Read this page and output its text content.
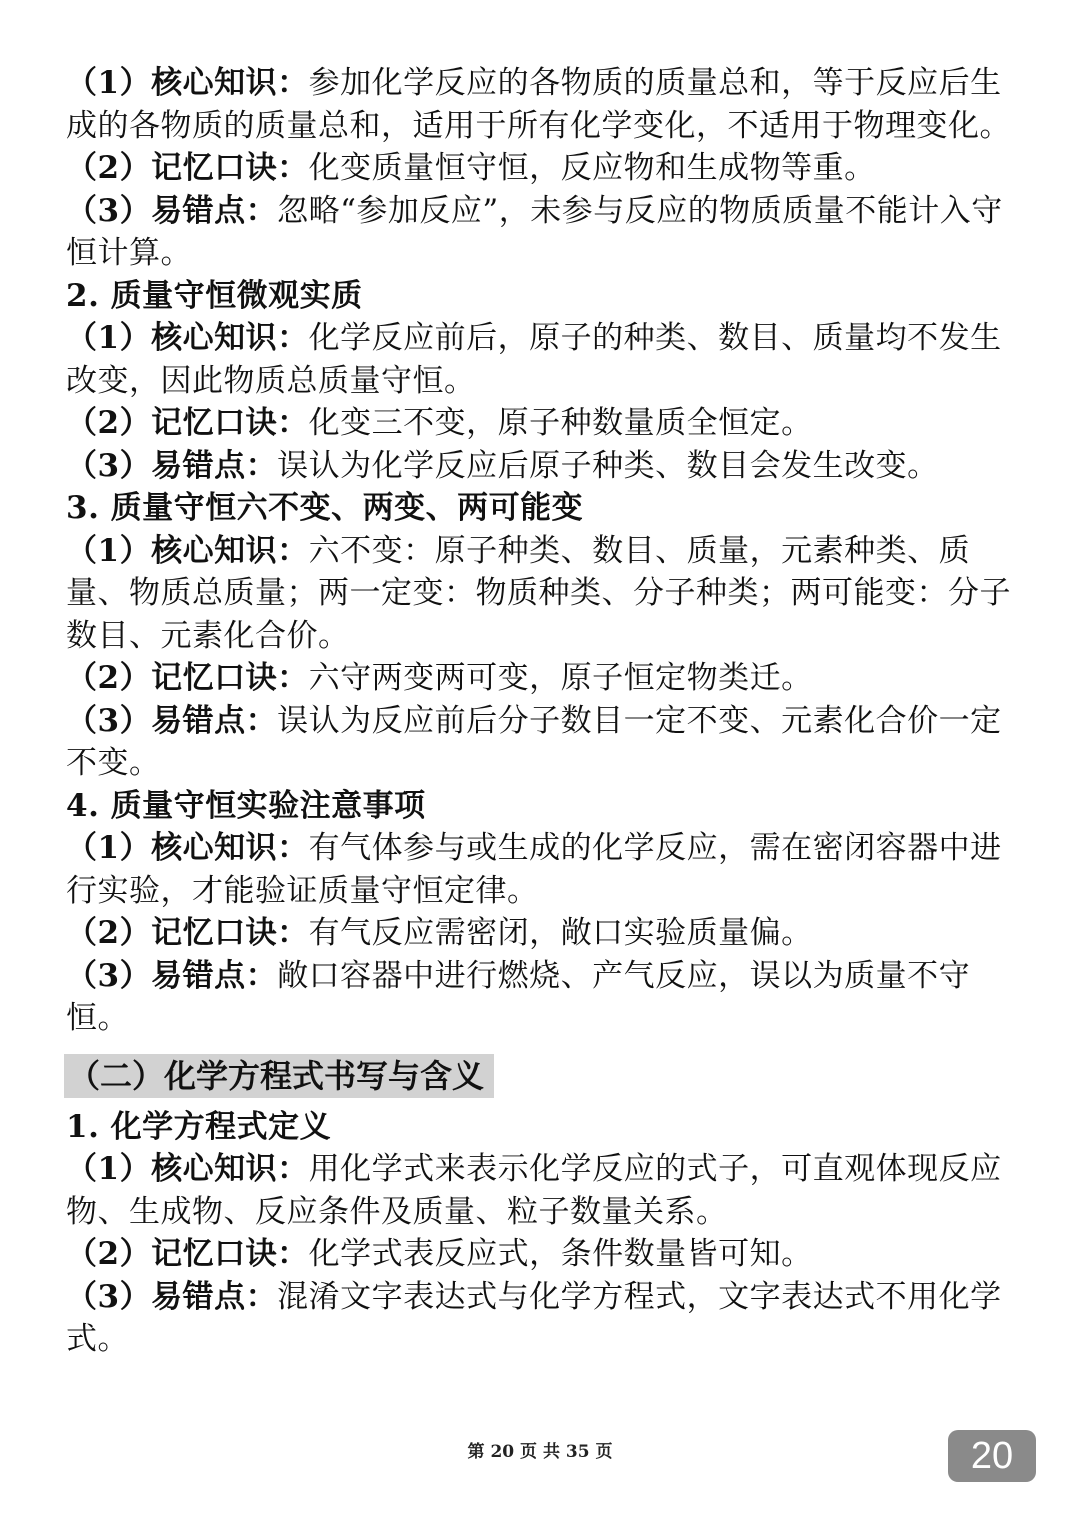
（1）核心知识：参加化学反应的各物质的质量总和，等于反应后生成的各物质的质量总和，适用于所有化学变化，不适用于物理变化。

（2）记忆口诀：化变质量恒守恒，反应物和生成物等重。

（3）易错点：忽略“参加反应”，未参与反应的物质质量不能计入守恒计算。

2. 质量守恒微观实质

（1）核心知识：化学反应前后，原子的种类、数目、质量均不发生改变，因此物质总质量守恒。

（2）记忆口诀：化变三不变，原子种数量质全恒定。

（3）易错点：误认为化学反应后原子种类、数目会发生改变。

3. 质量守恒六不变、两变、两可能变

（1）核心知识：六不变：原子种类、数目、质量，元素种类、质量、物质总质量；两一定变：物质种类、分子种类；两可能变：分子数目、元素化合价。

（2）记忆口诀：六守两变两可变，原子恒定物类迁。

（3）易错点：误认为反应前后分子数目一定不变、元素化合价一定不变。

4. 质量守恒实验注意事项

（1）核心知识：有气体参与或生成的化学反应，需在密闭容器中进行实验，才能验证质量守恒定律。

（2）记忆口诀：有气反应需密闭，敞口实验质量偏。

（3）易错点：敞口容器中进行燃烧、产气反应，误以为质量不守恒。

（二）化学方程式书写与含义

1. 化学方程式定义

（1）核心知识：用化学式来表示化学反应的式子，可直观体现反应物、生成物、反应条件及质量、粒子数量关系。

（2）记忆口诀：化学式表反应式，条件数量皆可知。

（3）易错点：混淆文字表达式与化学方程式，文字表达式不用化学式。

第 20 页 共 35 页	20
